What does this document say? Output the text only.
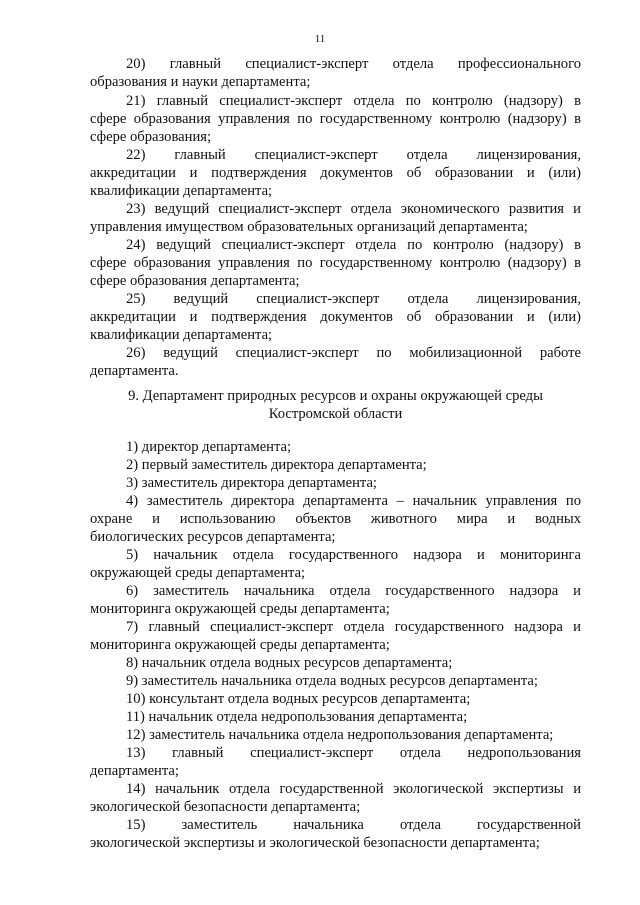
11
20) главный специалист-эксперт отдела профессионального
образования и науки департамента;
21) главный специалист-эксперт отдела по контролю (надзору) в
сфере образования управления по государственному контролю (надзору) в
сфере образования;
22) главный специалист-эксперт отдела лицензирования,
аккредитации и подтверждения документов об образовании и (или)
квалификации департамента;
23) ведущий специалист-эксперт отдела экономического развития и
управления имуществом образовательных организаций департамента;
24) ведущий специалист-эксперт отдела по контролю (надзору) в
сфере образования управления по государственному контролю (надзору) в
сфере образования департамента;
25) ведущий специалист-эксперт отдела лицензирования,
аккредитации и подтверждения документов об образовании и (или)
квалификации департамента;
26) ведущий специалист-эксперт по мобилизационной работе
департамента.
9. Департамент природных ресурсов и охраны окружающей среды
Костромской области
1) директор департамента;
2) первый заместитель директора департамента;
3) заместитель директора департамента;
4) заместитель директора департамента – начальник управления по
охране и использованию объектов животного мира и водных
биологических ресурсов департамента;
5) начальник отдела государственного надзора и мониторинга
окружающей среды департамента;
6) заместитель начальника отдела государственного надзора и
мониторинга окружающей среды департамента;
7) главный специалист-эксперт отдела государственного надзора и
мониторинга окружающей среды департамента;
8) начальник отдела водных ресурсов департамента;
9) заместитель начальника отдела водных ресурсов департамента;
10) консультант отдела водных ресурсов департамента;
11) начальник отдела недропользования департамента;
12) заместитель начальника отдела недропользования департамента;
13) главный специалист-эксперт отдела недропользования
департамента;
14) начальник отдела государственной экологической экспертизы и
экологической безопасности департамента;
15) заместитель начальника отдела государственной
экологической экспертизы и экологической безопасности департамента;
